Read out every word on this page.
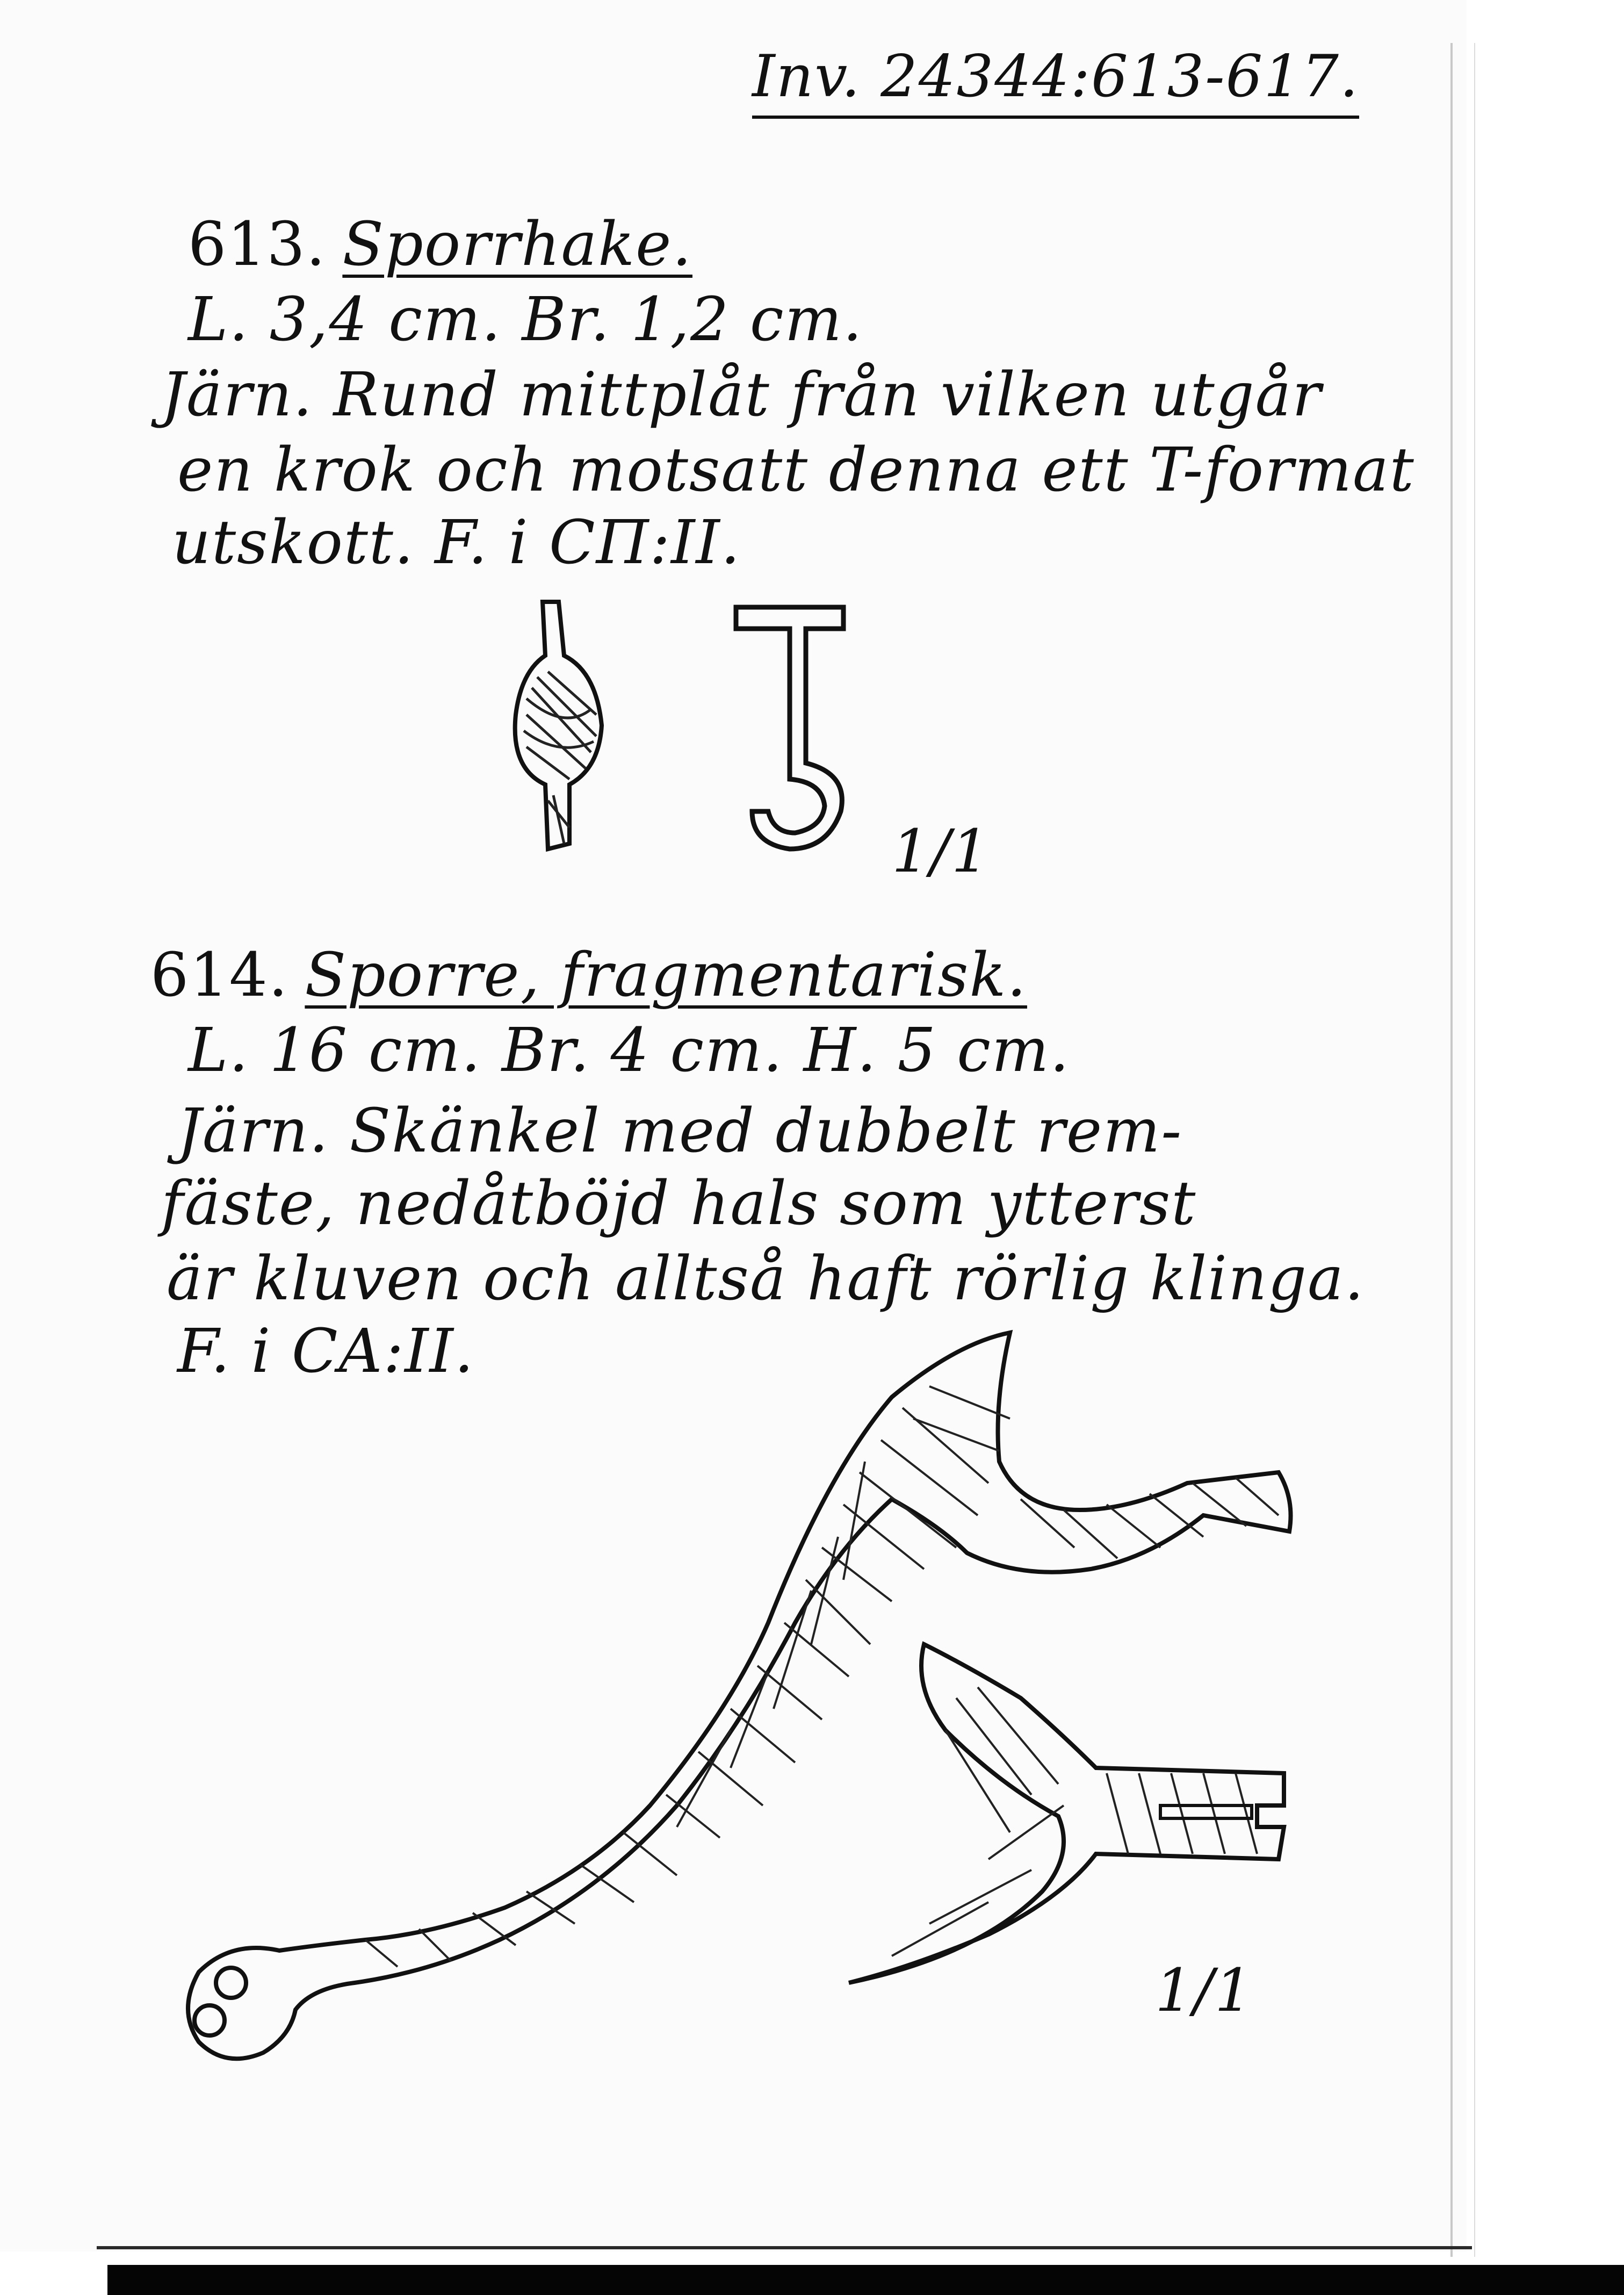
Inv. 24344:613-617.
613. Sporrhake.
L. 3,4 cm. Br. 1,2 cm.
Järn. Rund mittplåt från vilken utgår
en krok och motsatt denna ett T-format
utskott. F. i CΠ:II.
1/1
614. Sporre, fragmentarisk.
L. 16 cm. Br. 4 cm. H. 5 cm.
Järn. Skänkel med dubbelt rem-
fäste, nedåtböjd hals som ytterst
är kluven och alltså haft rörlig klinga.
F. i CA:II.
1/1
